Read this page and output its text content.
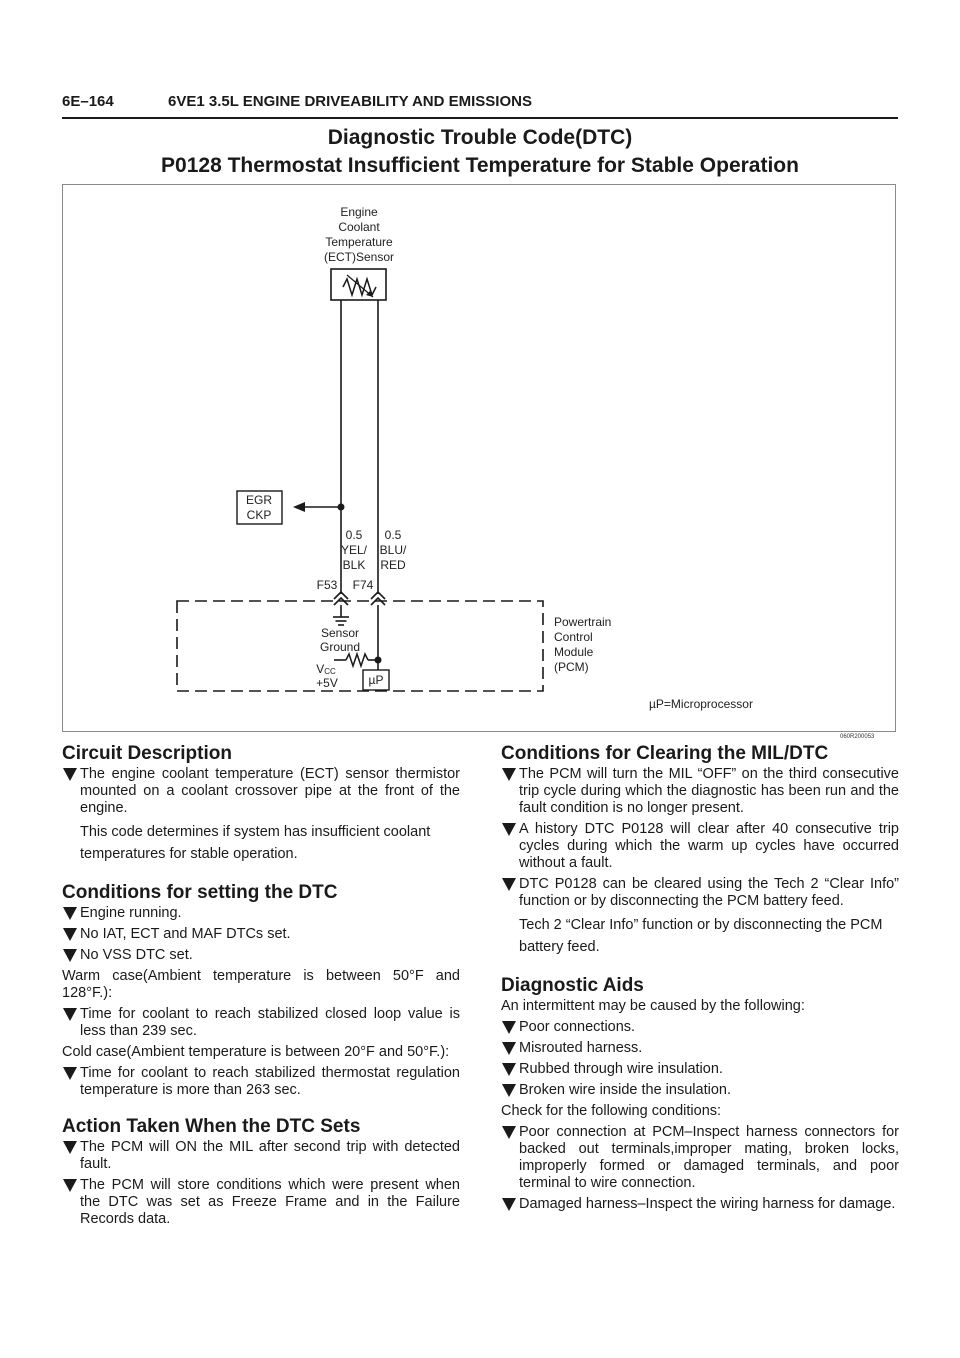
6E–164	6VE1 3.5L ENGINE DRIVEABILITY AND EMISSIONS
Diagnostic Trouble Code(DTC)
P0128 Thermostat Insufficient Temperature for Stable Operation
Engine
Coolant
Temperature
(ECT)Sensor
EGR
CKP
0.5
YEL/
BLK
0.5
BLU/
RED
F53 F74
Sensor
Ground
VCC
+5V	µP
Powertrain
Control
Module
(PCM)
µP=Microprocessor
060R200053
Circuit Description
The engine coolant temperature (ECT) sensor thermistor mounted on a coolant crossover pipe at the front of the engine.
This code determines if system has insufficient coolant temperatures for stable operation.
Conditions for setting the DTC
Engine running.
No IAT, ECT and MAF DTCs set.
No VSS DTC set.
Warm case(Ambient temperature is between 50°F and 128°F.):
Time for coolant to reach stabilized closed loop value is less than 239 sec.
Cold case(Ambient temperature is between 20°F and 50°F.):
Time for coolant to reach stabilized thermostat regulation temperature is more than 263 sec.
Action Taken When the DTC Sets
The PCM will ON the MIL after second trip with detected fault.
The PCM will store conditions which were present when the DTC was set as Freeze Frame and in the Failure Records data.
Conditions for Clearing the MIL/DTC
The PCM will turn the MIL “OFF” on the third consecutive trip cycle during which the diagnostic has been run and the fault condition is no longer present.
A history DTC P0128 will clear after 40 consecutive trip cycles during which the warm up cycles have occurred without a fault.
DTC P0128 can be cleared using the Tech 2 “Clear Info” function or by disconnecting the PCM battery feed.
Tech 2 “Clear Info” function or by disconnecting the PCM battery feed.
Diagnostic Aids
An intermittent may be caused by the following:
Poor connections.
Misrouted harness.
Rubbed through wire insulation.
Broken wire inside the insulation.
Check for the following conditions:
Poor connection at PCM–Inspect harness connectors for backed out terminals,improper mating, broken locks, improperly formed or damaged terminals, and poor terminal to wire connection.
Damaged harness–Inspect the wiring harness for damage.
